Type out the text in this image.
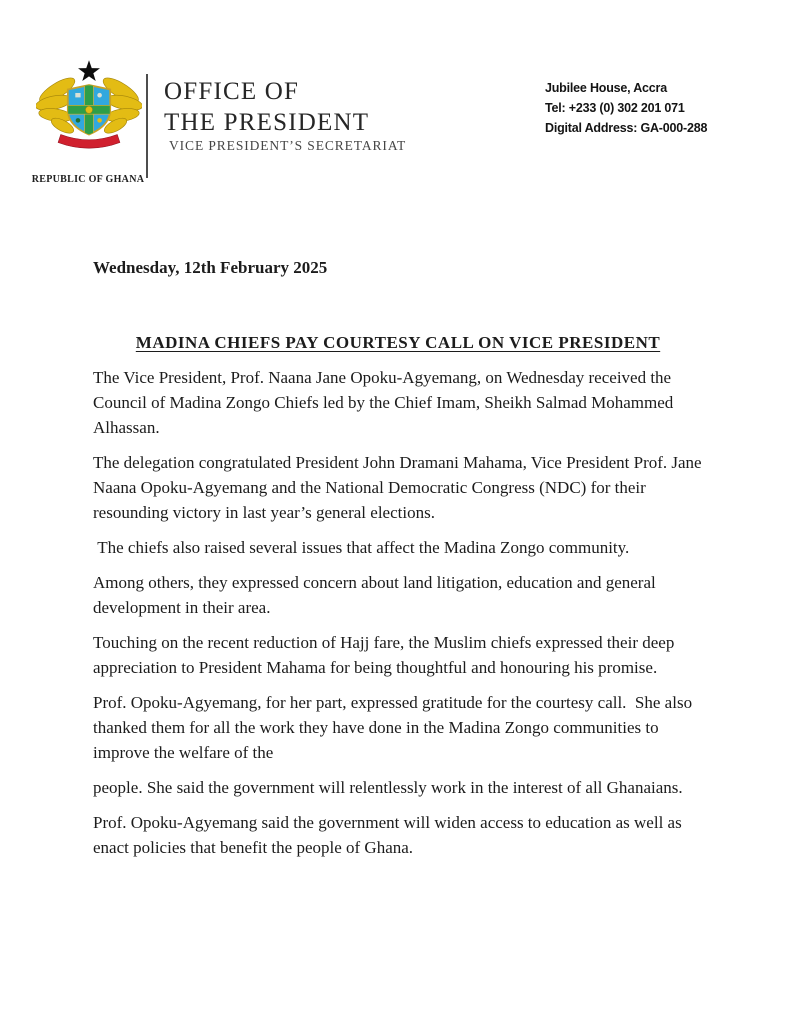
REPUBLIC OF GHANA
OFFICE OF
THE PRESIDENT
VICE PRESIDENT’S SECRETARIAT
Jubilee House, Accra
Tel: +233 (0) 302 201 071
Digital Address: GA-000-288
Wednesday, 12th February 2025
MADINA CHIEFS PAY COURTESY CALL ON VICE PRESIDENT

The Vice President, Prof. Naana Jane Opoku-Agyemang, on Wednesday received the Council of Madina Zongo Chiefs led by the Chief Imam, Sheikh Salmad Mohammed Alhassan.

The delegation congratulated President John Dramani Mahama, Vice President Prof. Jane Naana Opoku-Agyemang and the National Democratic Congress (NDC) for their resounding victory in last year’s general elections.

The chiefs also raised several issues that affect the Madina Zongo community.

Among others, they expressed concern about land litigation, education and general development in their area.

Touching on the recent reduction of Hajj fare, the Muslim chiefs expressed their deep appreciation to President Mahama for being thoughtful and honouring his promise.

Prof. Opoku-Agyemang, for her part, expressed gratitude for the courtesy call.  She also thanked them for all the work they have done in the Madina Zongo communities to improve the welfare of the

people. She said the government will relentlessly work in the interest of all Ghanaians.

Prof. Opoku-Agyemang said the government will widen access to education as well as enact policies that benefit the people of Ghana.
